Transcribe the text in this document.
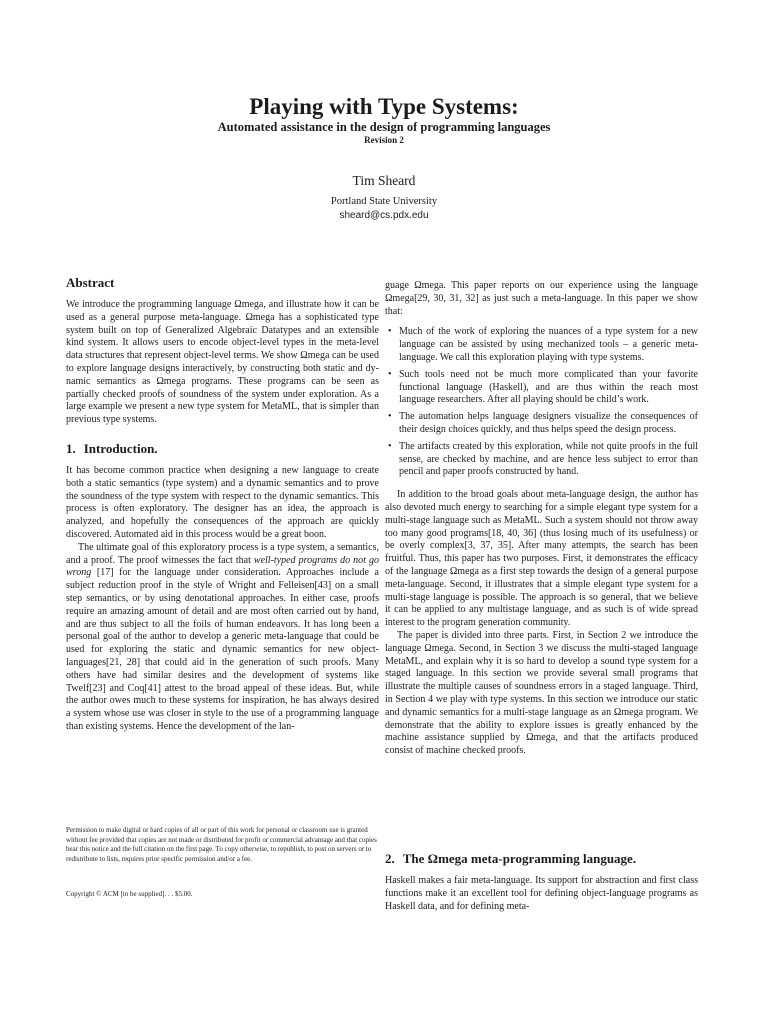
Playing with Type Systems:
Automated assistance in the design of programming languages
Revision 2
Tim Sheard
Portland State University
sheard@cs.pdx.edu
Abstract

We introduce the programming language Ωmega, and illustrate how it can be used as a general purpose meta-language. Ωmega has a sophisticated type system built on top of Generalized Algebraic Datatypes and an extensible kind system. It allows users to encode object-level types in the meta-level data structures that represent object-level terms. We show Ωmega can be used to explore language designs interactively, by constructing both static and dynamic semantics as Ωmega programs. These programs can be seen as partially checked proofs of soundness of the system under exploration. As a large example we present a new type system for MetaML, that is simpler than previous type systems.

1. Introduction.

It has become common practice when designing a new language to create both a static semantics (type system) and a dynamic semantics and to prove the soundness of the type system with respect to the dynamic semantics. This process is often exploratory. The designer has an idea, the approach is analyzed, and hopefully the consequences of the approach are quickly discovered. Automated aid in this process would be a great boon.

The ultimate goal of this exploratory process is a type system, a semantics, and a proof. The proof witnesses the fact that well-typed programs do not go wrong [17] for the language under consideration. Approaches include a subject reduction proof in the style of Wright and Felleisen[43] on a small step semantics, or by using denotational approaches. In either case, proofs require an amazing amount of detail and are most often carried out by hand, and are thus subject to all the foils of human endeavors. It has long been a personal goal of the author to develop a generic meta-language that could be used for exploring the static and dynamic semantics for new object-languages[21, 28] that could aid in the generation of such proofs. Many others have had similar desires and the development of systems like Twelf[23] and Coq[41] attest to the broad appeal of these ideas. But, while the author owes much to these systems for inspiration, he has always desired a system whose use was closer in style to the use of a programming language than existing systems. Hence the development of the lan-

guage Ωmega. This paper reports on our experience using the language Ωmega[29, 30, 31, 32] as just such a meta-language. In this paper we show that:

• Much of the work of exploring the nuances of a type system for a new language can be assisted by using mechanized tools – a generic meta-language. We call this exploration playing with type systems.
• Such tools need not be much more complicated than your favorite functional language (Haskell), and are thus within the reach most language researchers. After all playing should be child’s work.
• The automation helps language designers visualize the consequences of their design choices quickly, and thus helps speed the design process.
• The artifacts created by this exploration, while not quite proofs in the full sense, are checked by machine, and are hence less subject to error than pencil and paper proofs constructed by hand.

In addition to the broad goals about meta-language design, the author has also devoted much energy to searching for a simple elegant type system for a multi-stage language such as MetaML. Such a system should not throw away too many good programs[18, 40, 36] (thus losing much of its usefulness) or be overly complex[3, 37, 35]. After many attempts, the search has been fruitful. Thus, this paper has two purposes. First, it demonstrates the efficacy of the language Ωmega as a first step towards the design of a general purpose meta-language. Second, it illustrates that a simple elegant type system for a multi-stage language is possible. The approach is so general, that we believe it can be applied to any multistage language, and as such is of wide spread interest to the program generation community.

The paper is divided into three parts. First, in Section 2 we introduce the language Ωmega. Second, in Section 3 we discuss the multi-staged language MetaML, and explain why it is so hard to develop a sound type system for a staged language. In this section we provide several small programs that illustrate the multiple causes of soundness errors in a staged language. Third, in Section 4 we play with type systems. In this section we introduce our static and dynamic semantics for a multi-stage language as an Ωmega program. We demonstrate that the ability to explore issues is greatly enhanced by the machine assistance supplied by Ωmega, and that the artifacts produced consist of machine checked proofs.

2. The Ωmega meta-programming language.

Haskell makes a fair meta-language. Its support for abstraction and first class functions make it an excellent tool for defining object-language programs as Haskell data, and for defining meta-

Permission to make digital or hard copies of all or part of this work for personal or classroom use is granted without fee provided that copies are not made or distributed for profit or commercial advantage and that copies bear this notice and the full citation on the first page. To copy otherwise, to republish, to post on servers or to redistribute to lists, requires prior specific permission and/or a fee.
Copyright © ACM [to be supplied]. . . $5.00.
